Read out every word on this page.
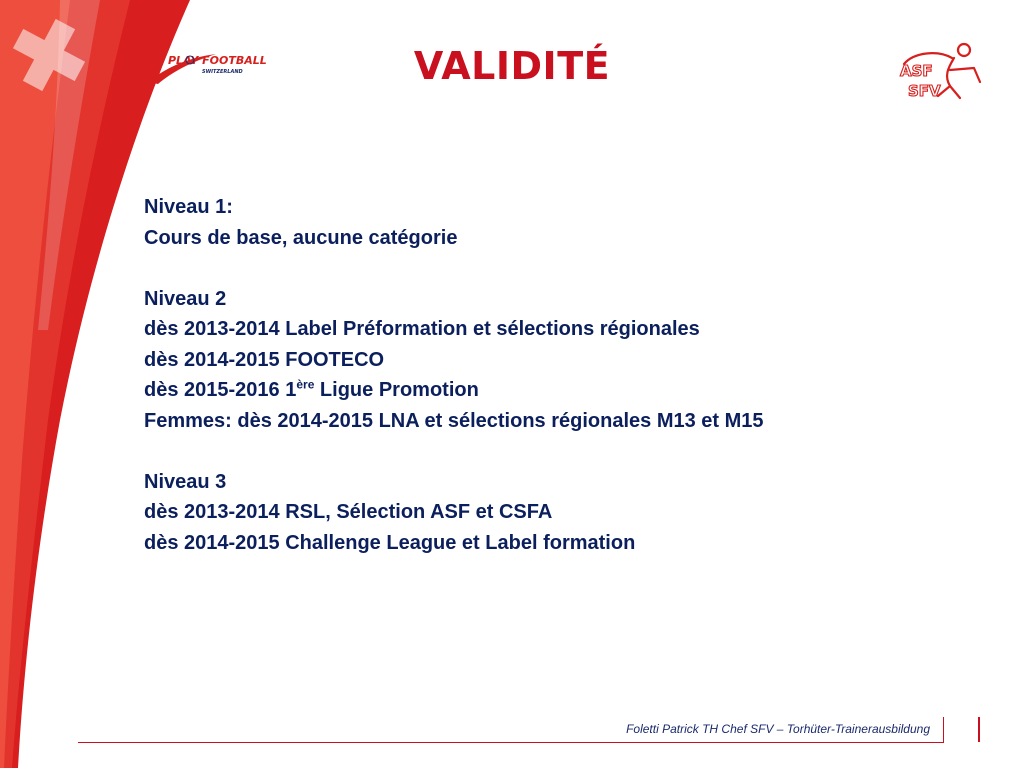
PLAY FOOTBALL
SWITZERLAND	VALIDITÉ	ASF
SFV
Niveau 1:
Cours de base, aucune catégorie
Niveau 2
dès 2013-2014 Label Préformation et sélections régionales
dès 2014-2015 FOOTECO
dès 2015-2016 1ère Ligue Promotion
Femmes: dès 2014-2015 LNA et sélections régionales M13 et M15
Niveau 3
dès 2013-2014 RSL, Sélection ASF et CSFA
dès 2014-2015 Challenge League et Label formation
Foletti Patrick TH Chef SFV – Torhüter-Trainerausbildung
